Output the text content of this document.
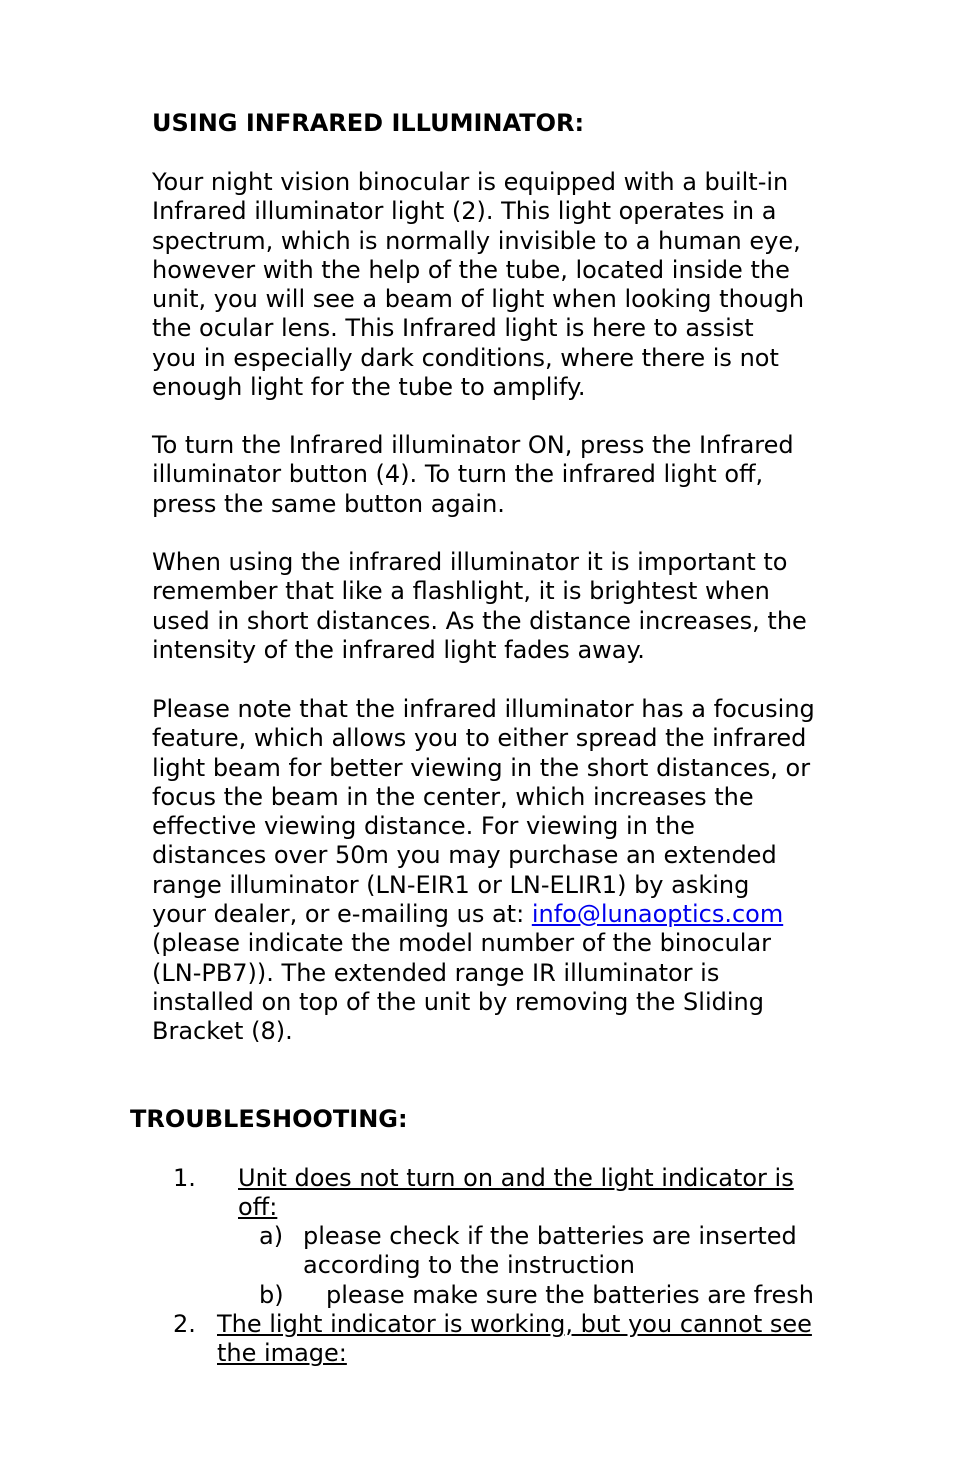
USING INFRARED ILLUMINATOR:
Your night vision binocular is equipped with a built-in
Infrared illuminator light (2). This light operates in a
spectrum, which is normally invisible to a human eye,
however with the help of the tube, located inside the
unit, you will see a beam of light when looking though
the ocular lens. This Infrared light is here to assist
you in especially dark conditions, where there is not
enough light for the tube to amplify.
To turn the Infrared illuminator ON, press the Infrared
illuminator button (4). To turn the infrared light off,
press the same button again.
When using the infrared illuminator it is important to
remember that like a flashlight, it is brightest when
used in short distances. As the distance increases, the
intensity of the infrared light fades away.
Please note that the infrared illuminator has a focusing
feature, which allows you to either spread the infrared
light beam for better viewing in the short distances, or
focus the beam in the center, which increases the
effective viewing distance. For viewing in the
distances over 50m you may purchase an extended
range illuminator (LN-EIR1 or LN-ELIR1) by asking
your dealer, or e-mailing us at: info@lunaoptics.com
(please indicate the model number of the binocular
(LN-PB7)). The extended range IR illuminator is
installed on top of the unit by removing the Sliding
Bracket (8).
TROUBLESHOOTING:
1. Unit does not turn on and the light indicator is
off:
a) please check if the batteries are inserted
according to the instruction
b) please make sure the batteries are fresh
2. The light indicator is working, but you cannot see
the image:
